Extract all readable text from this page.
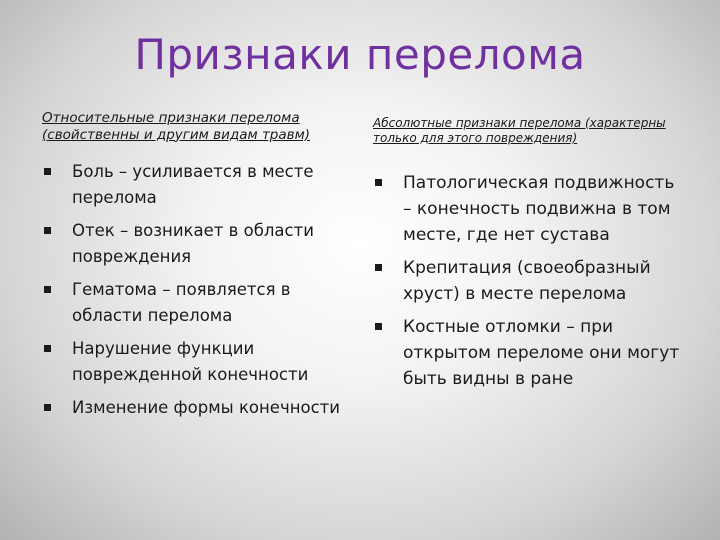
Признаки перелома
Относительные признаки перелома (свойственны и другим видам травм)
Боль – усиливается в месте перелома
Отек – возникает в области повреждения
Гематома – появляется в области перелома
Нарушение функции поврежденной конечности
Изменение формы конечности
Абсолютные признаки перелома (характерны только для этого повреждения)
Патологическая подвижность – конечность подвижна в том месте, где нет сустава
Крепитация (своеобразный хруст) в месте перелома
Костные отломки – при открытом переломе они могут быть видны в ране
